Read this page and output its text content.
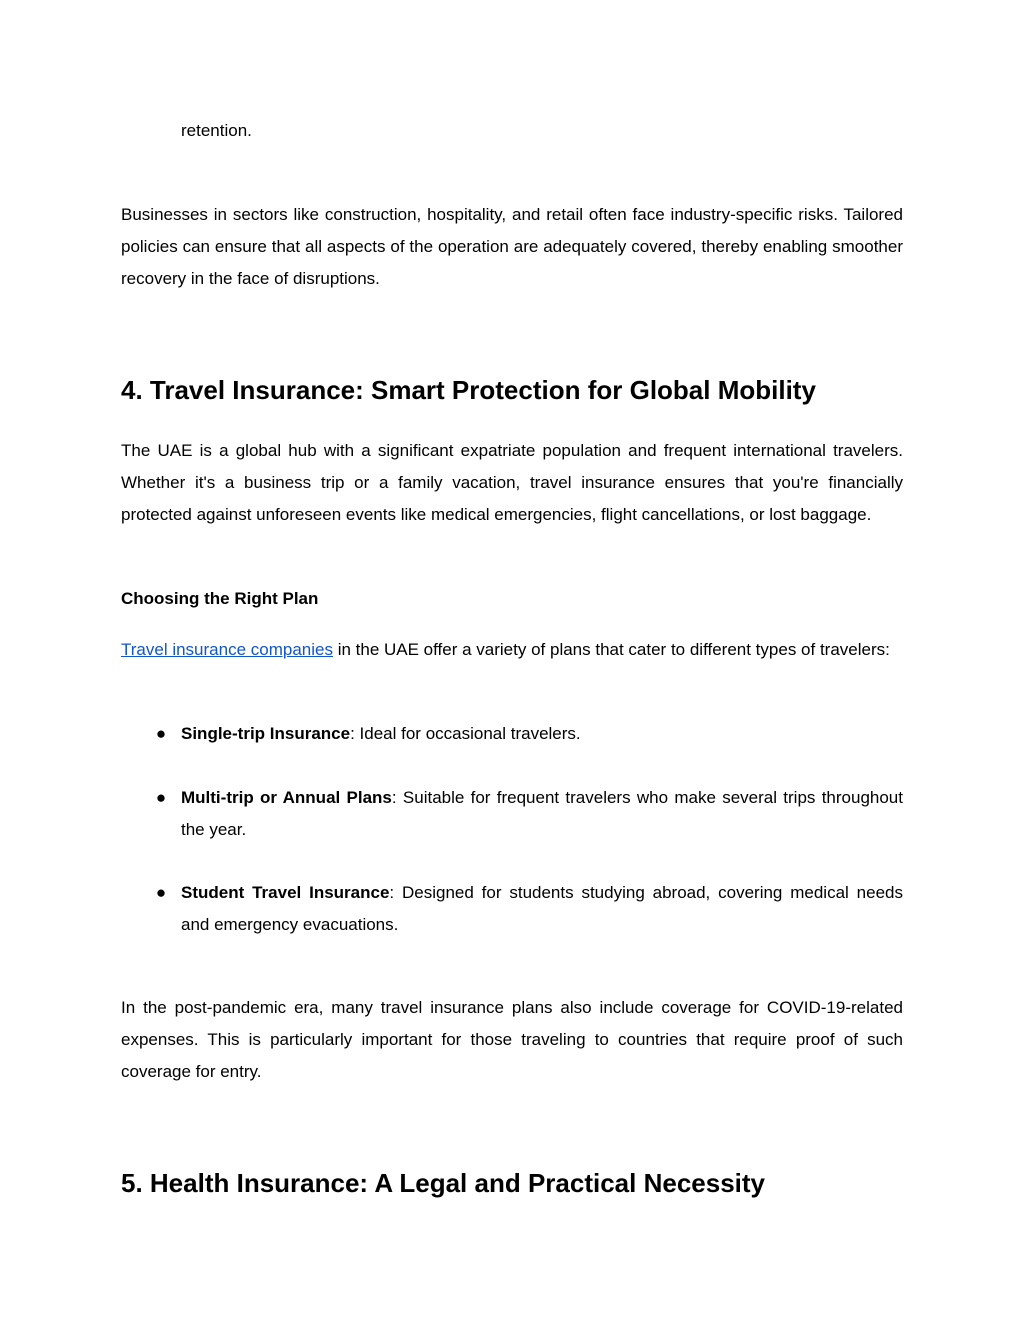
retention.
Businesses in sectors like construction, hospitality, and retail often face industry-specific risks. Tailored policies can ensure that all aspects of the operation are adequately covered, thereby enabling smoother recovery in the face of disruptions.
4. Travel Insurance: Smart Protection for Global Mobility
The UAE is a global hub with a significant expatriate population and frequent international travelers. Whether it's a business trip or a family vacation, travel insurance ensures that you're financially protected against unforeseen events like medical emergencies, flight cancellations, or lost baggage.
Choosing the Right Plan
Travel insurance companies in the UAE offer a variety of plans that cater to different types of travelers:
● Single-trip Insurance: Ideal for occasional travelers.
● Multi-trip or Annual Plans: Suitable for frequent travelers who make several trips throughout the year.
● Student Travel Insurance: Designed for students studying abroad, covering medical needs and emergency evacuations.
In the post-pandemic era, many travel insurance plans also include coverage for COVID-19-related expenses. This is particularly important for those traveling to countries that require proof of such coverage for entry.
5. Health Insurance: A Legal and Practical Necessity
